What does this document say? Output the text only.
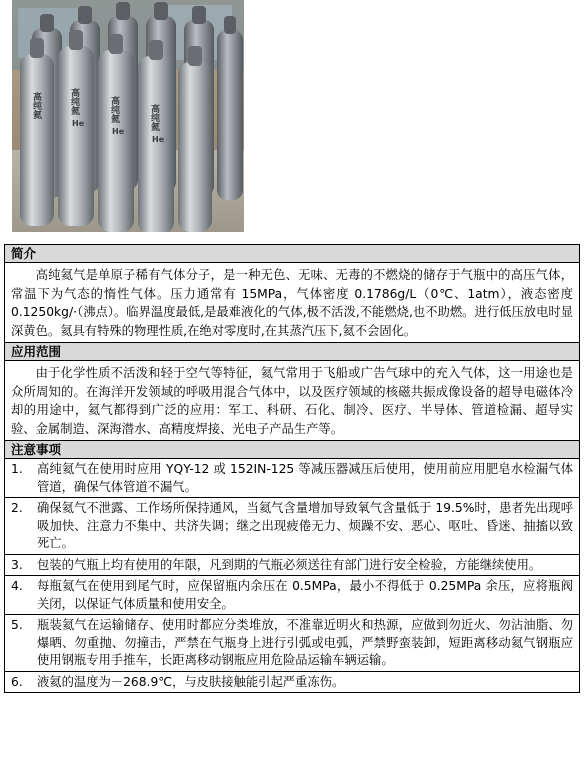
高纯氦
He
高纯氦
He
高纯氦
He
高纯氦
简介

高纯氦气是单原子稀有气体分子，是一种无色、无味、无毒的不燃烧的储存于气瓶中的高压气体，常温下为气态的惰性气体。压力通常有 15MPa，气体密度 0.1786g/L（0℃、1atm），液态密度 0.1250kg/·（沸点）。临界温度最低,是最难液化的气体,极不活泼,不能燃烧,也不助燃。进行低压放电时显深黄色。氦具有特殊的物理性质,在绝对零度时,在其蒸汽压下,氦不会固化。

应用范围

由于化学性质不活泼和轻于空气等特征，氦气常用于飞船或广告气球中的充入气体，这一用途也是众所周知的。在海洋开发领域的呼吸用混合气体中，以及医疗领域的核磁共振成像设备的超导电磁体冷却的用途中，氦气都得到广泛的应用：军工、科研、石化、制冷、医疗、半导体、管道检漏、超导实验、金属制造、深海潜水、高精度焊接、光电子产品生产等。

注意事项
1.	高纯氦气在使用时应用 YQY-12 或 152IN-125 等减压器减压后使用，使用前应用肥皂水检漏气体管道，确保气体管道不漏气。
2.	确保氦气不泄露、工作场所保持通风，当氦气含量增加导致氧气含量低于 19.5%时，患者先出现呼吸加快、注意力不集中、共济失调；继之出现疲倦无力、烦躁不安、恶心、呕吐、昏迷、抽搐以致死亡。
3.	包装的气瓶上均有使用的年限，凡到期的气瓶必须送往有部门进行安全检验，方能继续使用。
4.	每瓶氦气在使用到尾气时，应保留瓶内余压在 0.5MPa，最小不得低于 0.25MPa 余压，应将瓶阀关闭，以保证气体质量和使用安全。
5.	瓶装氦气在运输储存、使用时都应分类堆放，不准靠近明火和热源，应做到勿近火、勿沾油脂、勿爆晒、勿重抛、勿撞击，严禁在气瓶身上进行引弧或电弧，严禁野蛮装卸，短距离移动氦气钢瓶应使用钢瓶专用手推车，长距离移动钢瓶应用危险品运输车辆运输。
6.	液氦的温度为－268.9℃，与皮肤接触能引起严重冻伤。
